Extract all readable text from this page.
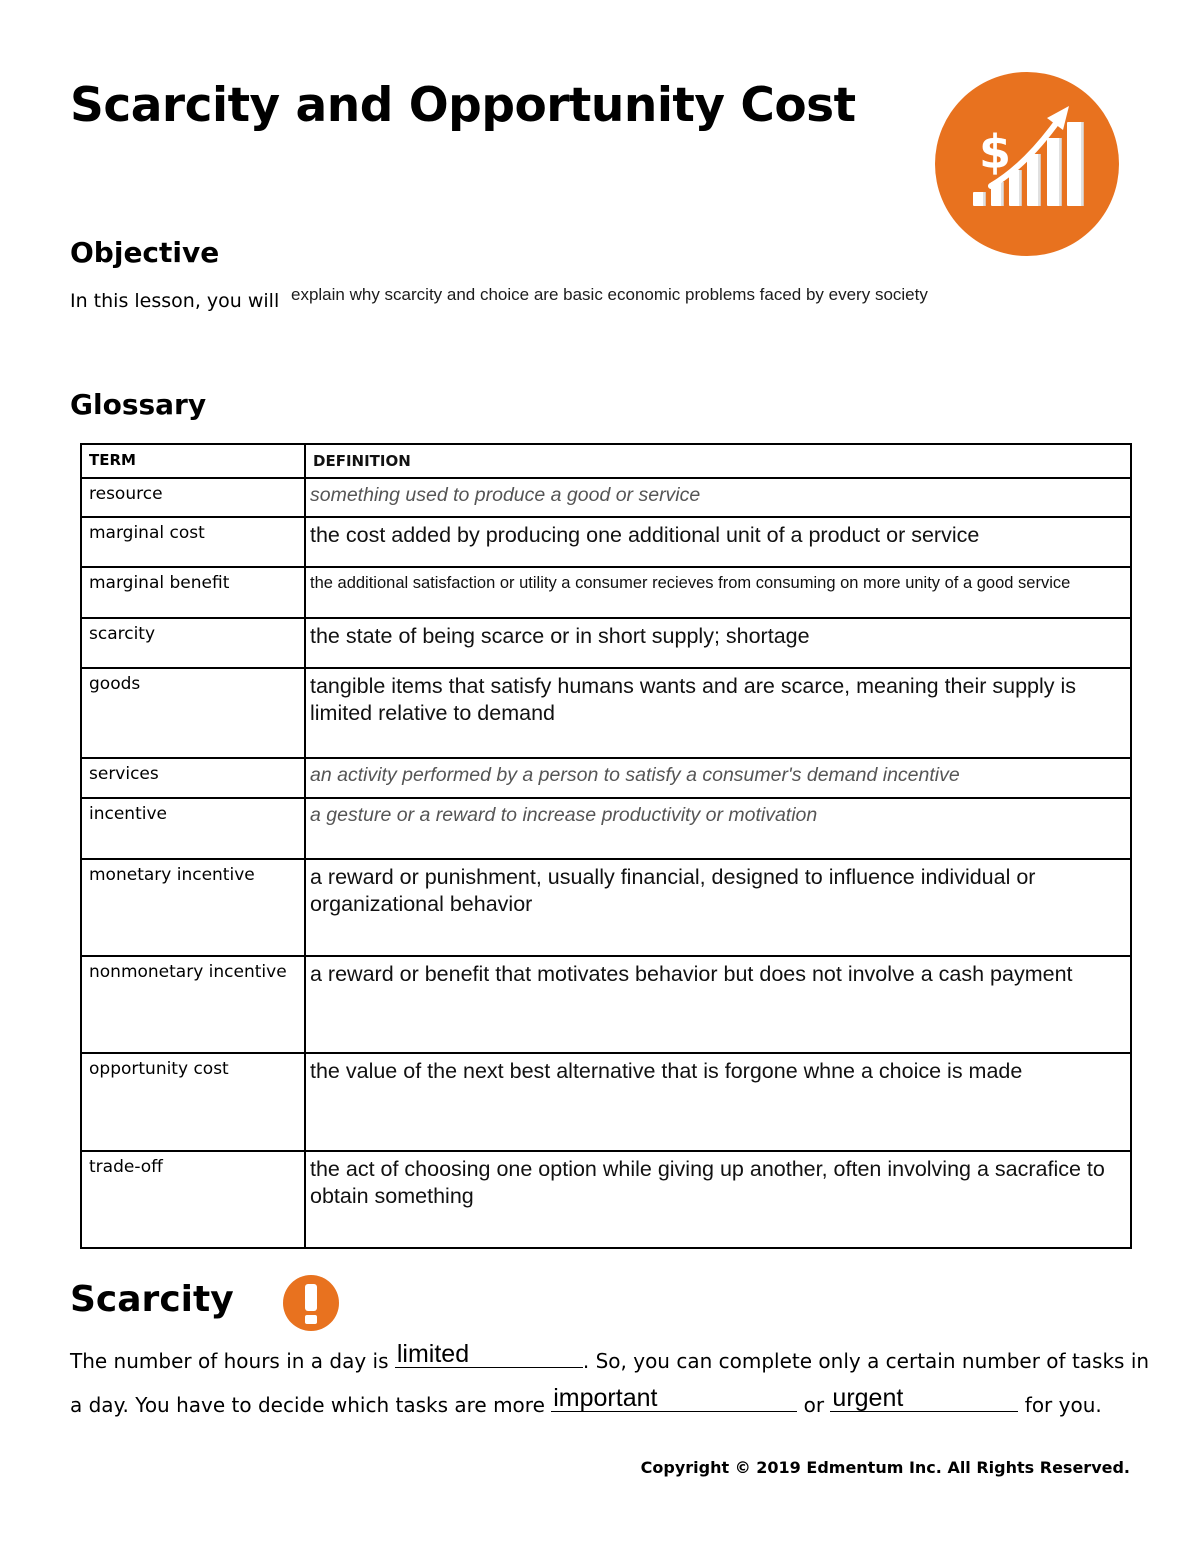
Scarcity and Opportunity Cost
$
Objective
In this lesson, you will explain why scarcity and choice are basic economic problems faced by every society
Glossary
TERM	DEFINITION
resource	something used to produce a good or service
marginal cost	the cost added by producing one additional unit of a product or service
marginal benefit	the additional satisfaction or utility a consumer recieves from consuming on more unity of a good service
scarcity	the state of being scarce or in short supply; shortage
goods	tangible items that satisfy humans wants and are scarce, meaning their supply is limited relative to demand
services	an activity performed by a person to satisfy a consumer's demand incentive
incentive	a gesture or a reward to increase productivity or motivation
monetary incentive	a reward or punishment, usually financial, designed to influence individual or organizational behavior
nonmonetary incentive	a reward or benefit that motivates behavior but does not involve a cash payment
opportunity cost	the value of the next best alternative that is forgone whne a choice is made
trade-off	the act of choosing one option while giving up another, often involving a sacrafice to obtain something
Scarcity
The number of hours in a day is limited	. So, you can complete only a certain number of tasks in
a day. You have to decide which tasks are more important	or urgent	for you.
Copyright © 2019 Edmentum Inc. All Rights Reserved.
